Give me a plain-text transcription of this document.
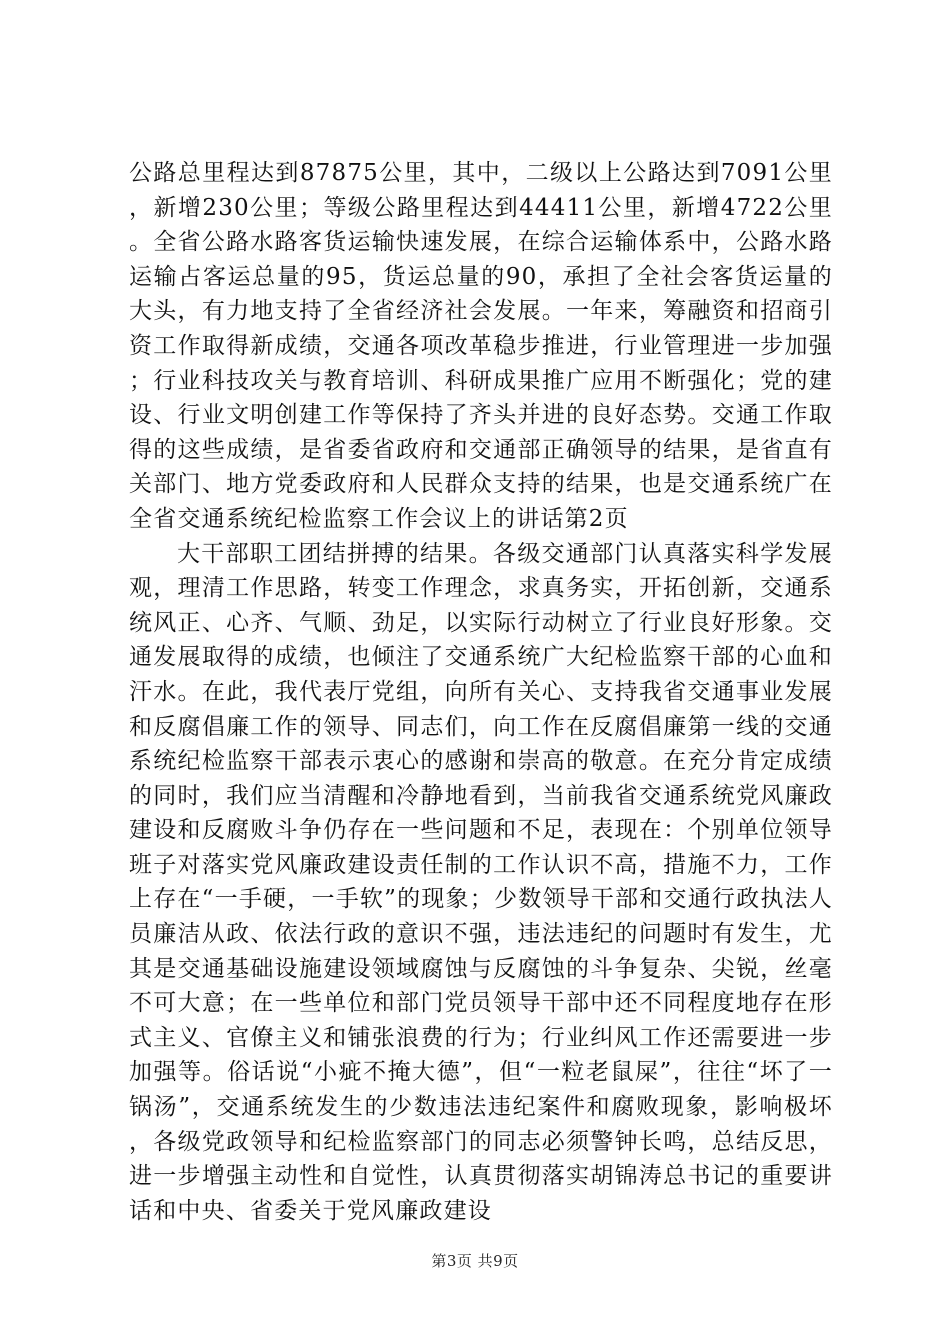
公路总里程达到87875公里，其中，二级以上公路达到7091公里，新增230公里；等级公路里程达到44411公里，新增4722公里。全省公路水路客货运输快速发展，在综合运输体系中，公路水路运输占客运总量的95，货运总量的90，承担了全社会客货运量的大头，有力地支持了全省经济社会发展。一年来，筹融资和招商引资工作取得新成绩，交通各项改革稳步推进，行业管理进一步加强；行业科技攻关与教育培训、科研成果推广应用不断强化；党的建设、行业文明创建工作等保持了齐头并进的良好态势。交通工作取得的这些成绩，是省委省政府和交通部正确领导的结果，是省直有关部门、地方党委政府和人民群众支持的结果，也是交通系统广在全省交通系统纪检监察工作会议上的讲话第2页

大干部职工团结拼搏的结果。各级交通部门认真落实科学发展观，理清工作思路，转变工作理念，求真务实，开拓创新，交通系统风正、心齐、气顺、劲足，以实际行动树立了行业良好形象。交通发展取得的成绩，也倾注了交通系统广大纪检监察干部的心血和汗水。在此，我代表厅党组，向所有关心、支持我省交通事业发展和反腐倡廉工作的领导、同志们，向工作在反腐倡廉第一线的交通系统纪检监察干部表示衷心的感谢和崇高的敬意。在充分肯定成绩的同时，我们应当清醒和冷静地看到，当前我省交通系统党风廉政建设和反腐败斗争仍存在一些问题和不足，表现在：个别单位领导班子对落实党风廉政建设责任制的工作认识不高，措施不力，工作上存在“一手硬，一手软”的现象；少数领导干部和交通行政执法人员廉洁从政、依法行政的意识不强，违法违纪的问题时有发生，尤其是交通基础设施建设领域腐蚀与反腐蚀的斗争复杂、尖锐，丝毫不可大意；在一些单位和部门党员领导干部中还不同程度地存在形式主义、官僚主义和铺张浪费的行为；行业纠风工作还需要进一步加强等。俗话说“小疵不掩大德”，但“一粒老鼠屎”，往往“坏了一锅汤”，交通系统发生的少数违法违纪案件和腐败现象，影响极坏，各级党政领导和纪检监察部门的同志必须警钟长鸣，总结反思，进一步增强主动性和自觉性，认真贯彻落实胡锦涛总书记的重要讲话和中央、省委关于党风廉政建设

第3页 共9页
